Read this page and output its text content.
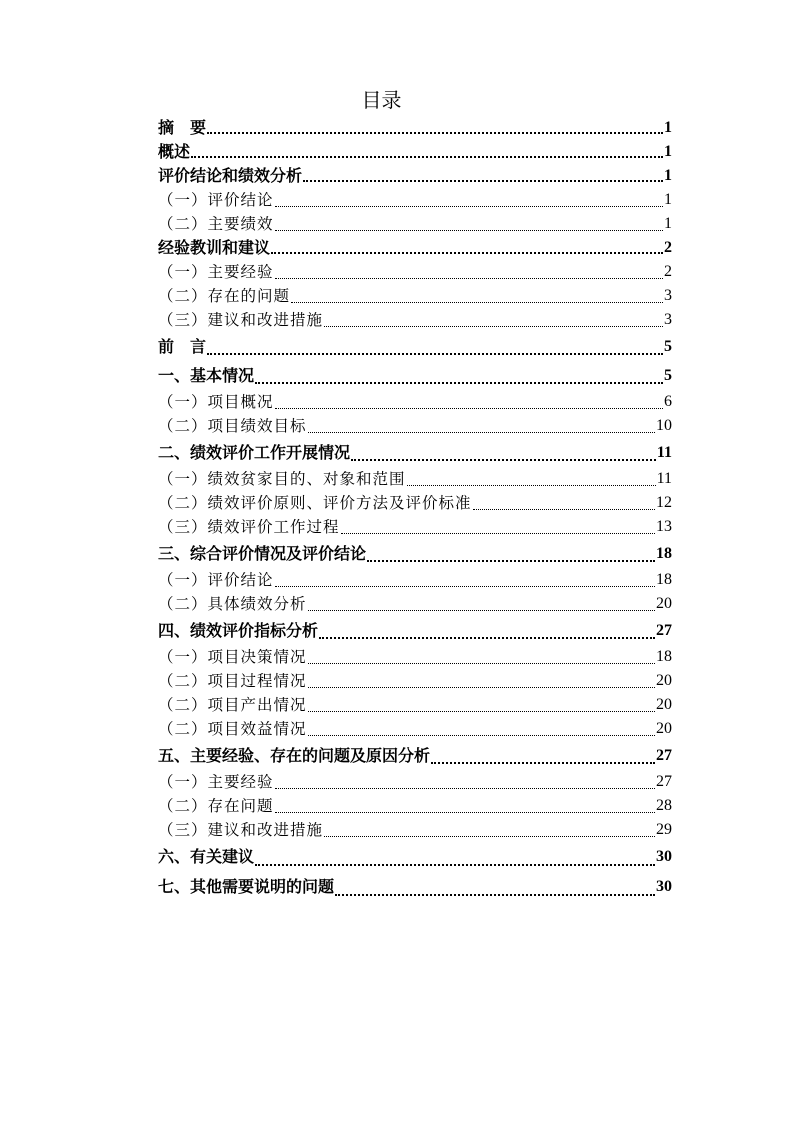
目录
摘　要	1
概述	1
评价结论和绩效分析	1
（一）评价结论	1
（二）主要绩效	1
经验教训和建议	2
（一）主要经验	2
（二）存在的问题	3
（三）建议和改进措施	3
前　言	5
一、基本情况	5
（一）项目概况	6
（二）项目绩效目标	10
二、绩效评价工作开展情况	11
（一）绩效贫家目的、对象和范围	11
（二）绩效评价原则、评价方法及评价标准	12
（三）绩效评价工作过程	13
三、综合评价情况及评价结论	18
（一）评价结论	18
（二）具体绩效分析	20
四、绩效评价指标分析	27
（一）项目决策情况	18
（二）项目过程情况	20
（二）项目产出情况	20
（二）项目效益情况	20
五、主要经验、存在的问题及原因分析	27
（一）主要经验	27
（二）存在问题	28
（三）建议和改进措施	29
六、有关建议	30
七、其他需要说明的问题	30
